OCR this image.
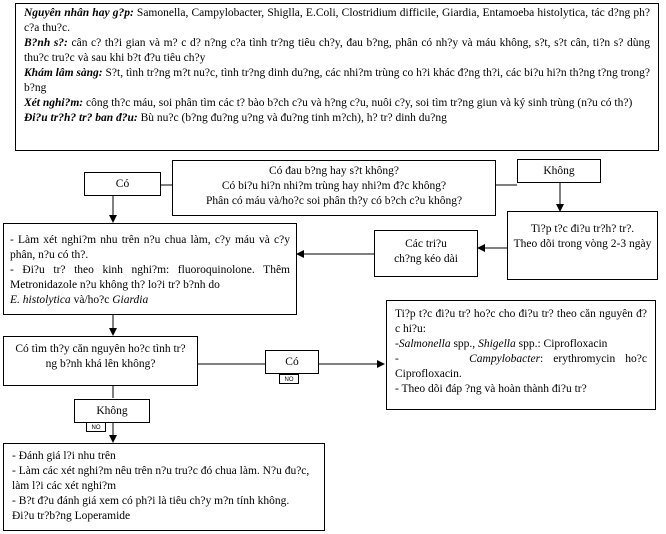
Nguyên nhân hay g?p: Samonella, Campylobacter, Shiglla, E.Coli, Clostridium difficile, Giardia, Entamoeba histolytica, tác d?ng ph? c?a thu?c.

B?nh s?: cân c? th?i gian và m? c d? n?ng c?a tình tr?ng tiêu ch?y, đau b?ng, phân có nh?y và máu không, s?t, s?t cân, ti?n s? dùng thu?c tru?c và sau khi b?t đ?u tiêu ch?y

Khám lâm sàng: S?t, tình tr?ng m?t nu?c, tình tr?ng dinh du?ng, các nhi?m trùng co h?i khác đ?ng th?i, các bi?u hi?n th?ng t?ng trong? b?ng

Xét nghi?m: công th?c máu, soi phân tìm các t? bào b?ch c?u và h?ng c?u, nuôi c?y, soi tìm tr?ng giun và ký sinh trùng (n?u có th?)

Đi?u tr?h? tr? ban đ?u: Bù nu?c (b?ng đu?ng u?ng và đu?ng tinh m?ch), h? tr? dinh du?ng

Có
Có đau b?ng hay s?t không?
Có bi?u hi?n nhi?m trùng hay nhi?m đ?c không?
Phân có máu và/ho?c soi phân th?y có b?ch c?u không?
Không
Ti?p t?c đi?u tr?h? tr?.
Theo dõi trong vòng 2-3 ngày
Các tri?u
ch?ng kéo dài
- Làm xét nghi?m nhu trên n?u chua làm, c?y máu và c?y phân, n?u có th?.
- Đi?u tr? theo kinh nghi?m: fluoroquinolone. Thêm Metronidazole n?u không th? lo?i tr? b?nh do
E. histolytica và/ho?c Giardia
Có tìm th?y căn nguyên ho?c tình tr?ng b?nh khá lên không?	Có
NO
Ti?p t?c đi?u tr? ho?c cho đi?u tr? theo căn nguyên đ?c hi?u:
-Salmonella spp., Shigella spp.: Ciprofloxacin
-       Campylobacter: erythromycin ho?c Ciprofloxacin.
- Theo dõi đáp ?ng và hoàn thành đi?u tr?
Không
NO
- Đánh giá l?i nhu trên
- Làm các xét nghi?m nêu trên n?u tru?c đó chua làm. N?u đu?c, làm l?i các xét nghi?m
- B?t đ?u đánh giá xem có ph?i là tiêu ch?y m?n tính không.
Đi?u tr?b?ng Loperamide
